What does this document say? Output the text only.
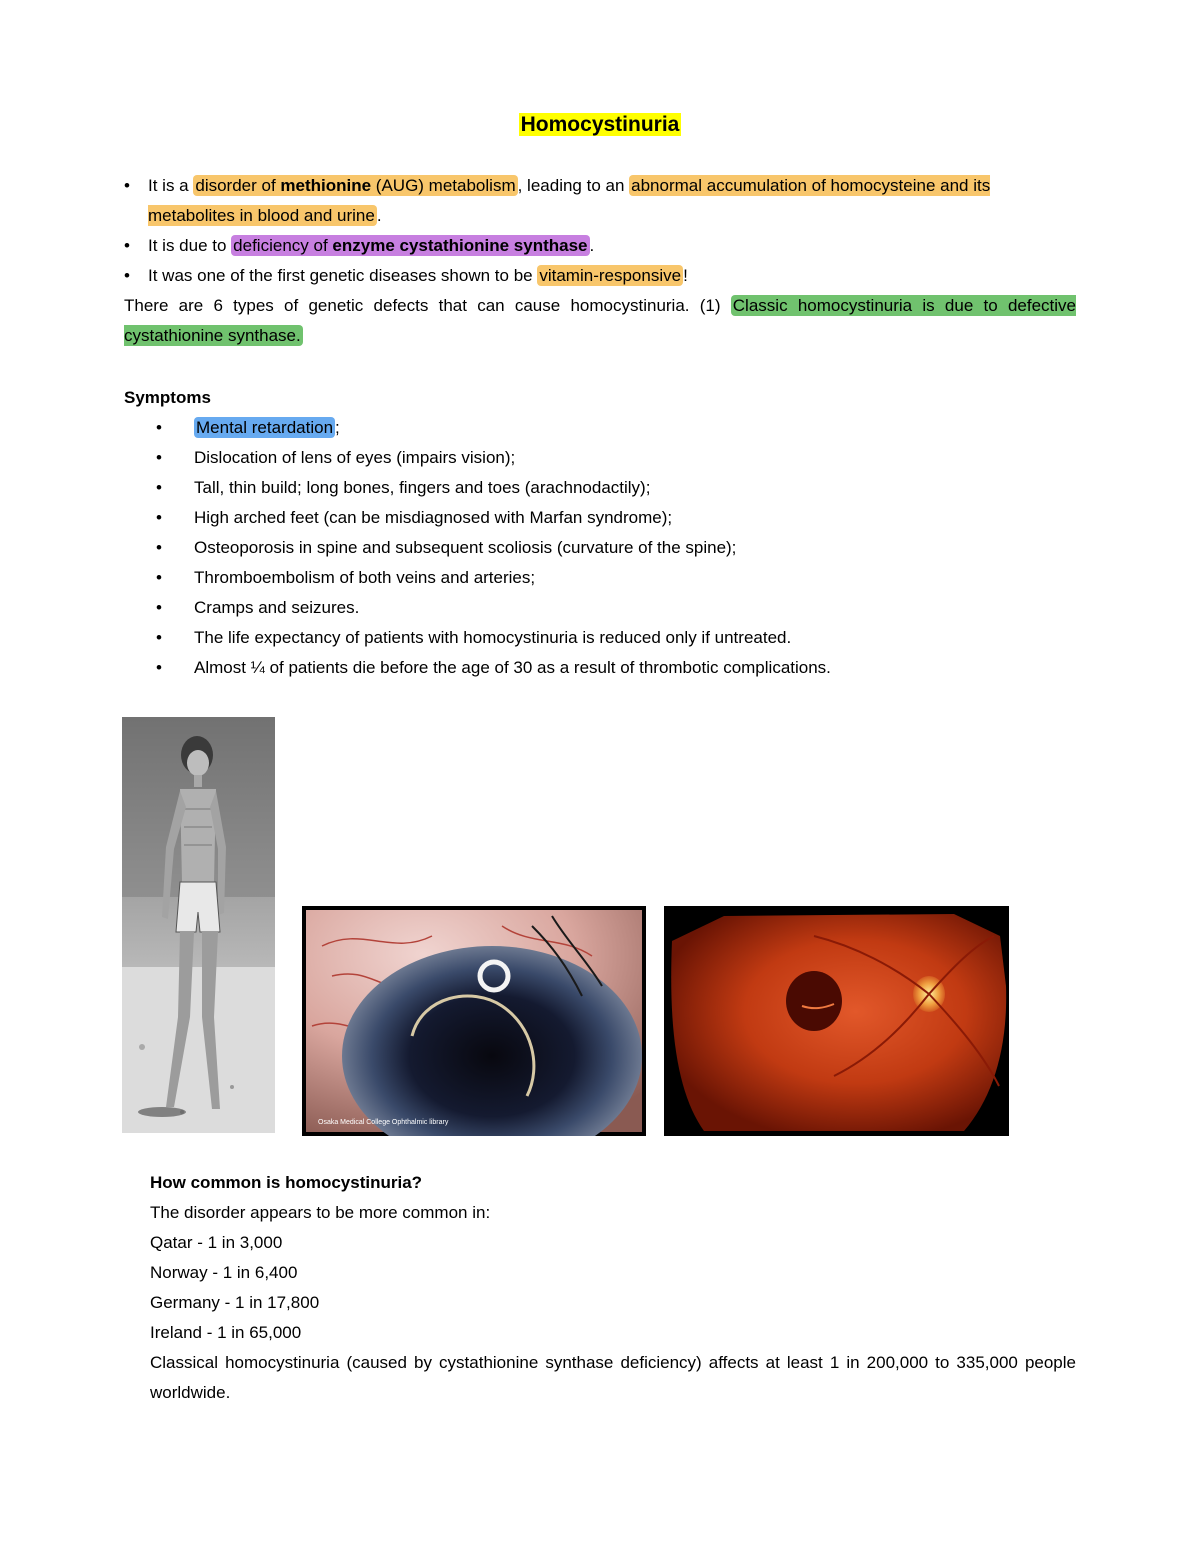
Homocystinuria
• It is a disorder of methionine (AUG) metabolism , leading to an abnormal accumulation of homocysteine and its metabolites in blood and urine .
• It is due to deficiency of enzyme cystathionine synthase .
• It was one of the first genetic diseases shown to be vitamin-responsive !

There are 6 types of genetic defects that can cause homocystinuria. (1) Classic homocystinuria is due to defective cystathionine synthase.

Symptoms

• Mental retardation ;
• Dislocation of lens of eyes (impairs vision);
• Tall, thin build; long bones, fingers and toes (arachnodactily);
• High arched feet (can be misdiagnosed with Marfan syndrome);
• Osteoporosis in spine and subsequent scoliosis (curvature of the spine);
• Thromboembolism of both veins and arteries;
• Cramps and seizures.
• The life expectancy of patients with homocystinuria is reduced only if untreated.
• Almost ¼ of patients die before the age of 30 as a result of thrombotic complications.
Osaka Medical College Ophthalmic library

How common is homocystinuria?

The disorder appears to be more common in:

Qatar - 1 in 3,000

Norway - 1 in 6,400

Germany - 1 in 17,800

Ireland - 1 in 65,000

Classical homocystinuria (caused by cystathionine synthase deficiency) affects at least 1 in 200,000 to 335,000 people worldwide.
